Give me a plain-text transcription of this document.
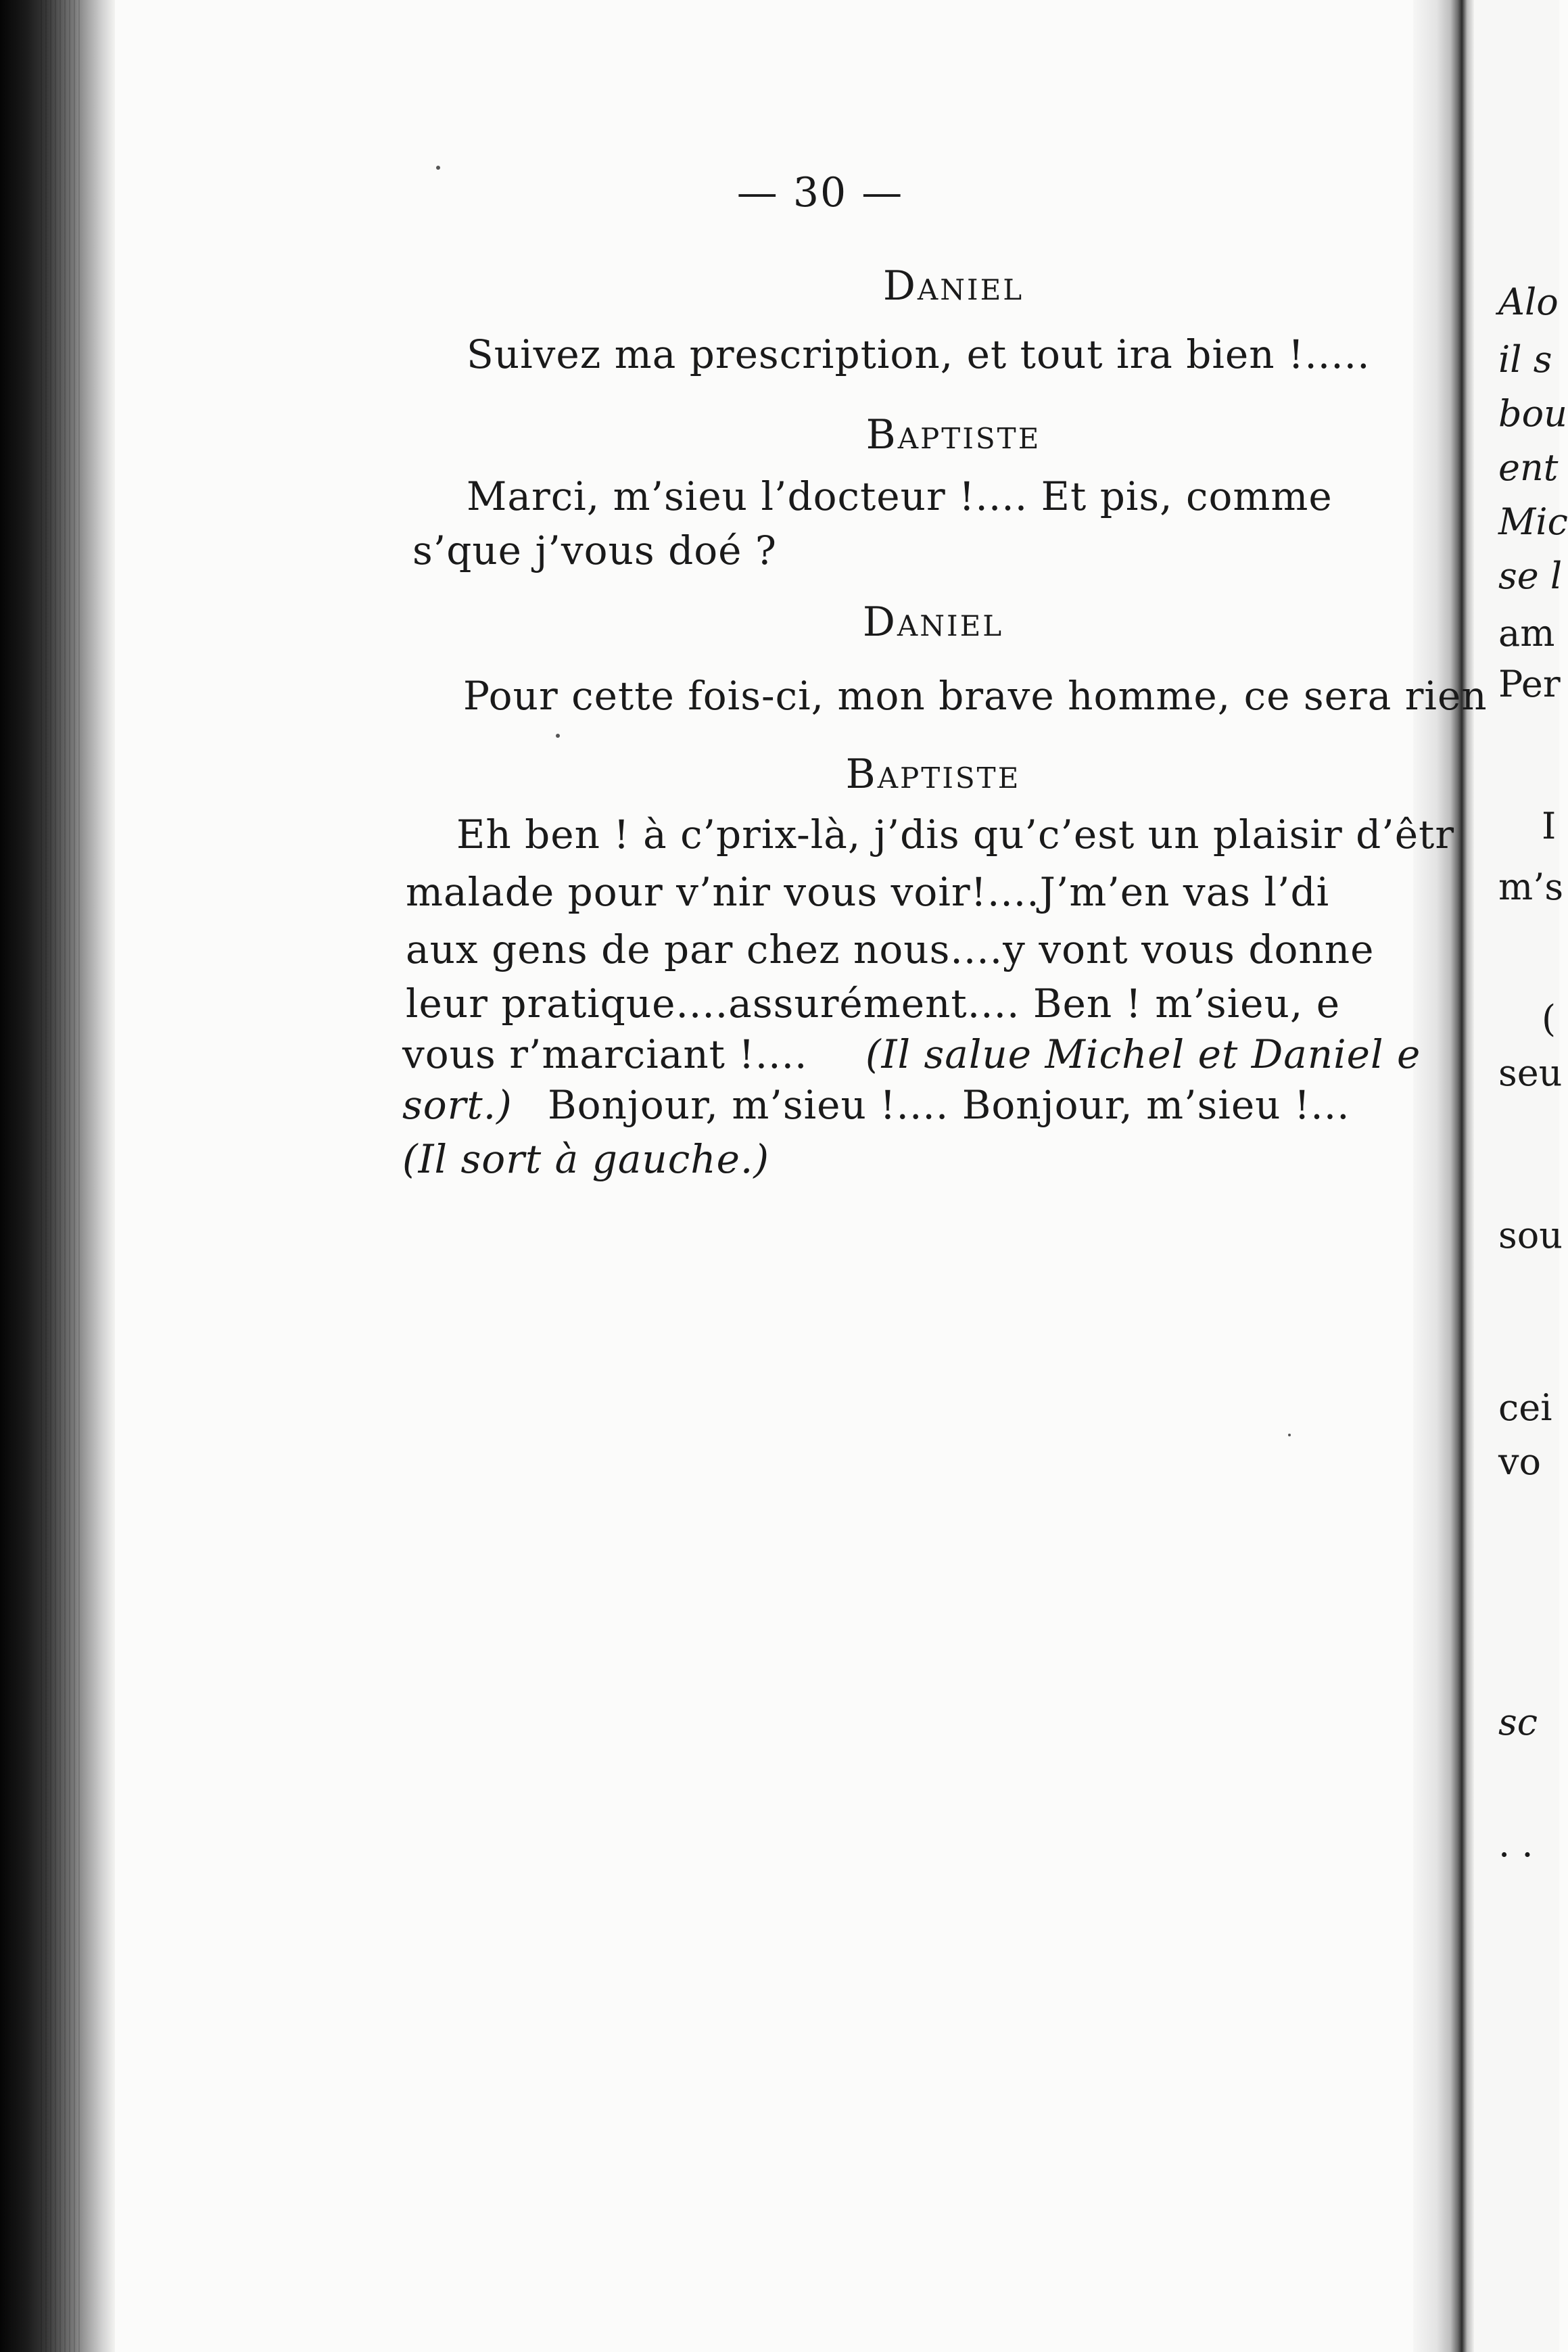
Alo
il s
bou
ent
Mic
se l
am
Per
I
m’s
(
seu
sou
cei
vo
sc
. .
— 30 —
Daniel
Suivez ma prescription, et tout ira bien !.....
Baptiste
Marci, m’sieu l’docteur !.... Et pis, comme
s’que j’vous doé ?
Daniel
Pour cette fois-ci, mon brave homme, ce sera rien
Baptiste
Eh ben ! à c’prix-là, j’dis qu’c’est un plaisir d’êtr
malade pour v’nir vous voir!....J’m’en vas l’di
aux gens de par chez nous....y vont vous donne
leur pratique....assurément.... Ben ! m’sieu, e
vous r’marciant !.... (Il salue Michel et Daniel e
sort.) Bonjour, m’sieu !.... Bonjour, m’sieu !...
(Il sort à gauche.)
